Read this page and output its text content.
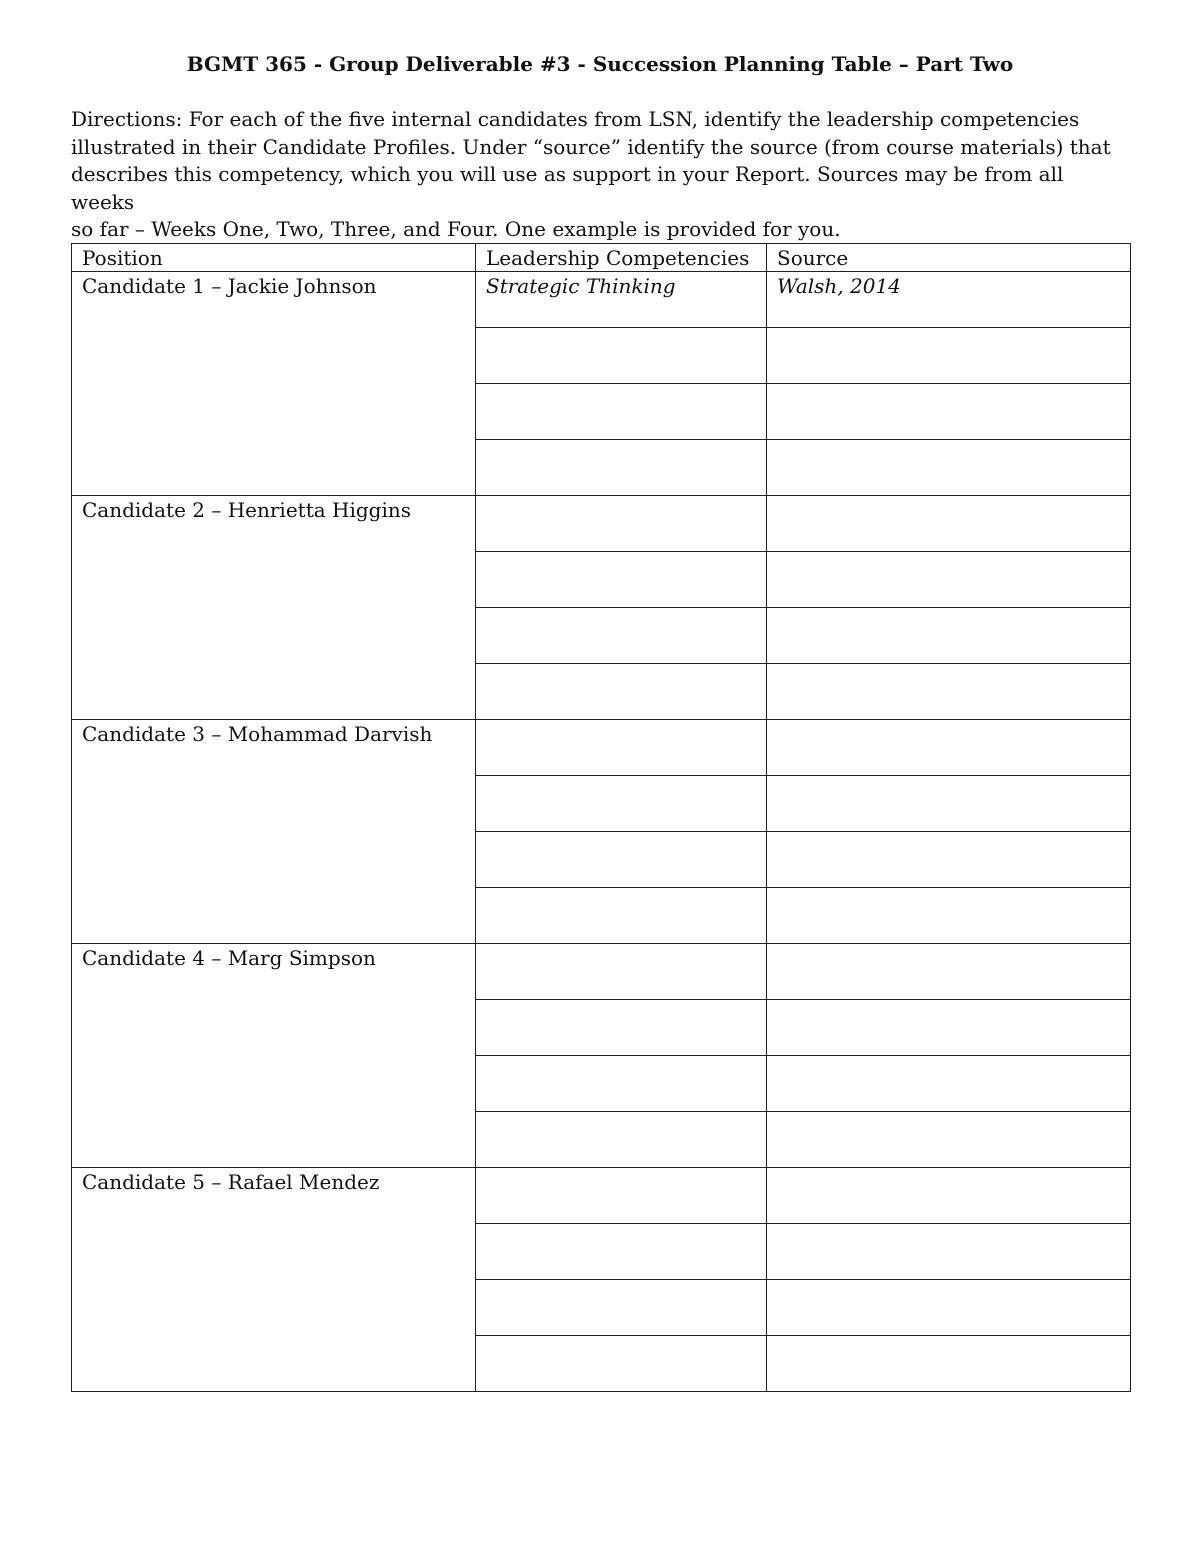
BGMT 365 - Group Deliverable #3 - Succession Planning Table – Part Two

Directions: For each of the five internal candidates from LSN, identify the leadership competencies
illustrated in their Candidate Profiles. Under “source” identify the source (from course materials) that
describes this competency, which you will use as support in your Report. Sources may be from all weeks
so far – Weeks One, Two, Three, and Four. One example is provided for you.

Position	Leadership Competencies	Source
Candidate 1 – Jackie Johnson	Strategic Thinking	Walsh, 2014

Candidate 2 – Henrietta Higgins		

Candidate 3 – Mohammad Darvish		

Candidate 4 – Marg Simpson		

Candidate 5 – Rafael Mendez		
